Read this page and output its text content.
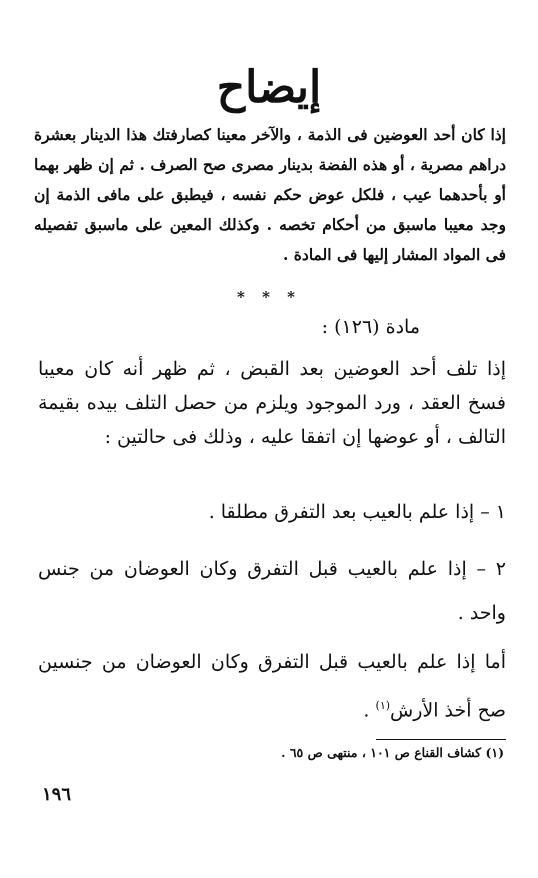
إيضاح

إذا كان أحد العوضين فى الذمة ، والآخر معينا كصارفتك هذا الدينار بعشرة دراهم مصرية ، أو هذه الفضة بدينار مصرى صح الصرف . ثم إن ظهر بهما أو بأحدهما عيب ، فلكل عوض حكم نفسه ، فيطبق على مافى الذمة إن وجد معيبا ماسبق من أحكام تخصه . وكذلك المعين على ماسبق تفصيله فى المواد المشار إليها فى المادة .

* * *
مادة (١٢٦) :

إذا تلف أحد العوضين بعد القبض ، ثم ظهر أنه كان معيبا فسخ العقد ، ورد الموجود ويلزم من حصل التلف بيده بقيمة التالف ، أو عوضها إن اتفقا عليه ، وذلك فى حالتين :

١ – إذا علم بالعيب بعد التفرق مطلقا .

٢ – إذا علم بالعيب قبل التفرق وكان العوضان من جنس واحد .

أما إذا علم بالعيب قبل التفرق وكان العوضان من جنسين صح أخذ الأرش$^{(١)}$ .

(١) كشاف القناع ص ١٠١ ، منتهى ص ٦٥ .
١٩٦
